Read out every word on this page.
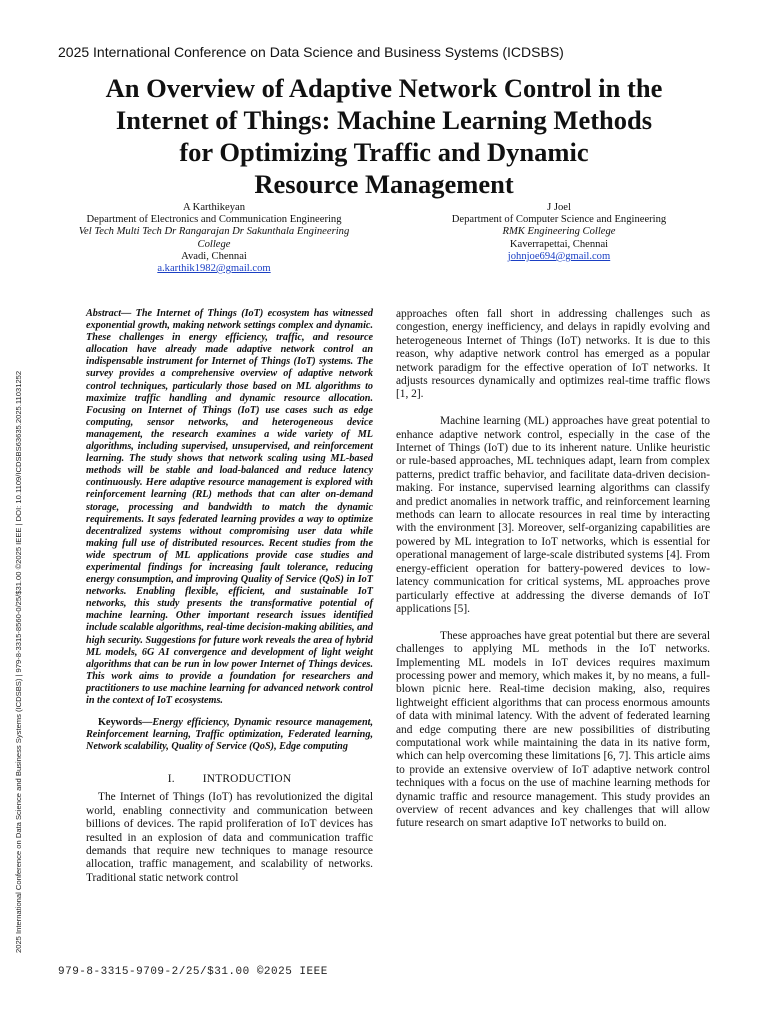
2025 International Conference on Data Science and Business Systems (ICDSBS)
An Overview of Adaptive Network Control in the
Internet of Things: Machine Learning Methods
for Optimizing Traffic and Dynamic
Resource Management
A Karthikeyan
Department of Electronics and Communication Engineering
Vel Tech Multi Tech Dr Rangarajan Dr Sakunthala Engineering
College
Avadi, Chennai
a.karthik1982@gmail.com
J Joel
Department of Computer Science and Engineering
RMK Engineering College
Kaverrapettai, Chennai
johnjoe694@gmail.com
2025 International Conference on Data Science and Business Systems (ICDSBS) | 979-8-3315-8560-0/25/$31.00 ©2025 IEEE | DOI: 10.1109/ICDSBS63635.2025.11031252

Abstract— The Internet of Things (IoT) ecosystem has witnessed exponential growth, making network settings complex and dynamic. These challenges in energy efficiency, traffic, and resource allocation have already made adaptive network control an indispensable instrument for Internet of Things (IoT) systems. The survey provides a comprehensive overview of adaptive network control techniques, particularly those based on ML algorithms to maximize traffic handling and dynamic resource allocation. Focusing on Internet of Things (IoT) use cases such as edge computing, sensor networks, and heterogeneous device management, the research examines a wide variety of ML algorithms, including supervised, unsupervised, and reinforcement learning. The study shows that network scaling using ML-based methods will be stable and load-balanced and reduce latency continuously. Here adaptive resource management is explored with reinforcement learning (RL) methods that can alter on-demand storage, processing and bandwidth to match the dynamic requirements. It says federated learning provides a way to optimize decentralized systems without compromising user data while making full use of distributed resources. Recent studies from the wide spectrum of ML applications provide case studies and experimental findings for increasing fault tolerance, reducing energy consumption, and improving Quality of Service (QoS) in IoT networks. Enabling flexible, efficient, and sustainable IoT networks, this study presents the transformative potential of machine learning. Other important research issues identified include scalable algorithms, real-time decision-making abilities, and high security. Suggestions for future work reveals the area of hybrid ML models, 6G AI convergence and development of light weight algorithms that can be run in low power Internet of Things devices. This work aims to provide a foundation for researchers and practitioners to use machine learning for advanced network control in the context of IoT ecosystems.

Keywords—Energy efficiency, Dynamic resource management, Reinforcement learning, Traffic optimization, Federated learning, Network scalability, Quality of Service (QoS), Edge computing

I. INTRODUCTION

The Internet of Things (IoT) has revolutionized the digital world, enabling connectivity and communication between billions of devices. The rapid proliferation of IoT devices has resulted in an explosion of data and communication traffic demands that require new techniques to manage resource allocation, traffic management, and scalability of networks. Traditional static network control

approaches often fall short in addressing challenges such as congestion, energy inefficiency, and delays in rapidly evolving and heterogeneous Internet of Things (IoT) networks. It is due to this reason, why adaptive network control has emerged as a popular network paradigm for the effective operation of IoT networks. It adjusts resources dynamically and optimizes real-time traffic flows [1, 2].

Machine learning (ML) approaches have great potential to enhance adaptive network control, especially in the case of the Internet of Things (IoT) due to its inherent nature. Unlike heuristic or rule-based approaches, ML techniques adapt, learn from complex patterns, predict traffic behavior, and facilitate data-driven decision-making. For instance, supervised learning algorithms can classify and predict anomalies in network traffic, and reinforcement learning methods can learn to allocate resources in real time by interacting with the environment [3]. Moreover, self-organizing capabilities are powered by ML integration to IoT networks, which is essential for operational management of large-scale distributed systems [4]. From energy-efficient operation for battery-powered devices to low-latency communication for critical systems, ML approaches prove particularly effective at addressing the diverse demands of IoT applications [5].

These approaches have great potential but there are several challenges to applying ML methods in the IoT networks. Implementing ML models in IoT devices requires maximum processing power and memory, which makes it, by no means, a full-blown picnic here. Real-time decision making, also, requires lightweight efficient algorithms that can process enormous amounts of data with minimal latency. With the advent of federated learning and edge computing there are new possibilities of distributing computational work while maintaining the data in its native form, which can help overcoming these limitations [6, 7]. This article aims to provide an extensive overview of IoT adaptive network control techniques with a focus on the use of machine learning methods for dynamic traffic and resource management. This study provides an overview of recent advances and key challenges that will allow future research on smart adaptive IoT networks to build on.

979-8-3315-9709-2/25/$31.00 ©2025 IEEE
